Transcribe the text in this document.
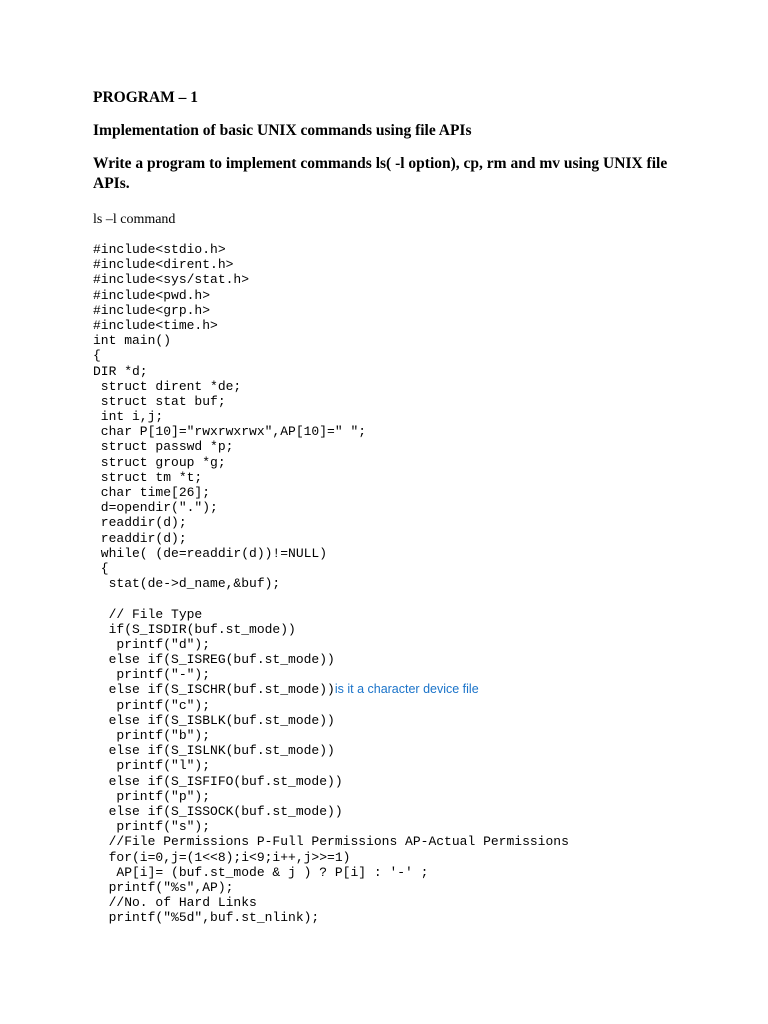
PROGRAM – 1
Implementation of basic UNIX commands using file APIs
Write a program to implement commands ls( -l option), cp, rm and mv using UNIX file
APIs.
ls –l command
#include<stdio.h>
#include<dirent.h>
#include<sys/stat.h>
#include<pwd.h>
#include<grp.h>
#include<time.h>
int main()
{
DIR *d;
struct dirent *de;
struct stat buf;
int i,j;
char P[10]="rwxrwxrwx",AP[10]=" ";
struct passwd *p;
struct group *g;
struct tm *t;
char time[26];
d=opendir(".");
readdir(d);
readdir(d);
while( (de=readdir(d))!=NULL)
{
stat(de->d_name,&buf);
// File Type
if(S_ISDIR(buf.st_mode))
printf("d");
else if(S_ISREG(buf.st_mode))
printf("-");
else if(S_ISCHR(buf.st_mode))is it a character device file
printf("c");
else if(S_ISBLK(buf.st_mode))
printf("b");
else if(S_ISLNK(buf.st_mode))
printf("l");
else if(S_ISFIFO(buf.st_mode))
printf("p");
else if(S_ISSOCK(buf.st_mode))
printf("s");
//File Permissions P-Full Permissions AP-Actual Permissions
for(i=0,j=(1<<8);i<9;i++,j>>=1)
AP[i]= (buf.st_mode & j ) ? P[i] : '-' ;
printf("%s",AP);
//No. of Hard Links
printf("%5d",buf.st_nlink);
